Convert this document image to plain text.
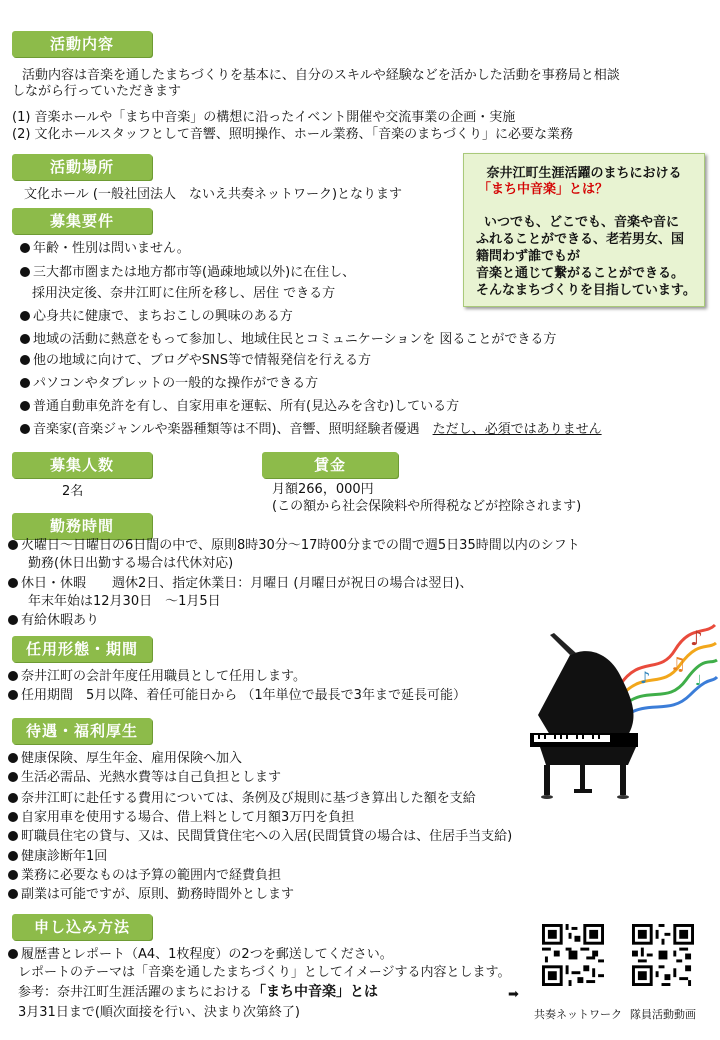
活動内容
活動内容は音楽を通したまちづくりを基本に、自分のスキルや経験などを活かした活動を事務局と相談
しながら行っていただきます
(1) 音楽ホールや「まち中音楽」の構想に沿ったイベント開催や交流事業の企画・実施
(2) 文化ホールスタッフとして音響、照明操作、ホール業務、「音楽のまちづくり」に必要な業務
活動場所
文化ホール (一般社団法人　ないえ共奏ネットワーク)となります
奈井江町生涯活躍のまちにおける
「まち中音楽」とは？
いつでも、どこでも、音楽や音に
ふれることができる、老若男女、国
籍問わず誰でもが
音楽と通じて繋がることができる。
そんなまちづくりを目指しています。
募集要件
年齢・性別は問いません。
三大都市圏または地方都市等(過疎地域以外)に在住し、
採用決定後、奈井江町に住所を移し、居住 できる方
心身共に健康で、まちおこしの興味のある方
地域の活動に熱意をもって参加し、地域住民とコミュニケーションを 図ることができる方
他の地域に向けて、ブログやSNS等で情報発信を行える方
パソコンやタブレットの一般的な操作ができる方
普通自動車免許を有し、自家用車を運転、所有(見込みを含む)している方
音楽家(音楽ジャンルや楽器種類等は不問)、音響、照明経験者優遇　 ただし、必須ではありません
募集人数
2名
賃金
月額266，000円
(この額から社会保険料や所得税などが控除されます)
勤務時間
火曜日～日曜日の6日間の中で、原則8時30分～17時00分までの間で週5日35時間以内のシフト
勤務(休日出勤する場合は代休対応)
休日・休暇　　週休2日、指定休業日：月曜日 (月曜日が祝日の場合は翌日)、
年末年始は12月30日　～1月5日
有給休暇あり
任用形態・期間
奈井江町の会計年度任用職員として任用します。
任用期間　5月以降、着任可能日から （1年単位で最長で3年まで延長可能）
待遇・福利厚生
健康保険、厚生年金、雇用保険へ加入
生活必需品、光熱水費等は自己負担とします
奈井江町に赴任する費用については、条例及び規則に基づき算出した額を支給
自家用車を使用する場合、借上料として月額3万円を負担
町職員住宅の貸与、又は、民間賃貸住宅への入居(民間賃貸の場合は、住居手当支給)
健康診断年1回
業務に必要なものは予算の範囲内で経費負担
副業は可能ですが、原則、勤務時間外とします
申し込み方法
履歴書とレポート（A4、1枚程度）の2つを郵送してください。
レポートのテーマは「音楽を通したまちづくり」としてイメージする内容とします。
参考：奈井江町生涯活躍のまちにおける「まち中音楽」とは
3月31日まで(順次面接を行い、決まり次第終了)
➡
共奏ネットワーク 隊員活動動画
♪
♫
♪	♩
